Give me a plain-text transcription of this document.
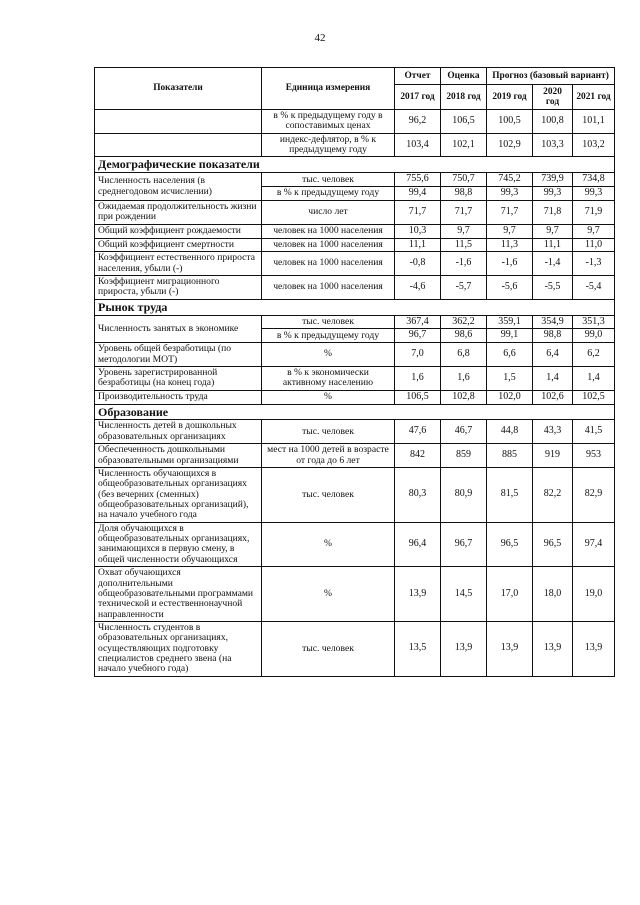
42
Показатели	Единица измерения	Отчет	Оценка	Прогноз (базовый вариант)		
		2017 год	2018 год	2019 год	2020 год	2021 год
	в % к предыдущему году в сопоставимых ценах	96,2	106,5	100,5	100,8	101,1
	индекс-дефлятор, в % к предыдущему году	103,4	102,1	102,9	103,3	103,2
Демографические показатели						
Численность населения (в среднегодовом исчислении)	тыс. человек	755,6	750,7	745,2	739,9	734,8
	в % к предыдущему году	99,4	98,8	99,3	99,3	99,3
Ожидаемая продолжительность жизни при рождении	число лет	71,7	71,7	71,7	71,8	71,9
Общий коэффициент рождаемости	человек на 1000 населения	10,3	9,7	9,7	9,7	9,7
Общий коэффициент смертности	человек на 1000 населения	11,1	11,5	11,3	11,1	11,0
Коэффициент естественного прироста населения, убыли (-)	человек на 1000 населения	-0,8	-1,6	-1,6	-1,4	-1,3
Коэффициент миграционного прироста, убыли (-)	человек на 1000 населения	-4,6	-5,7	-5,6	-5,5	-5,4
Рынок труда						
Численность занятых в экономике	тыс. человек	367,4	362,2	359,1	354,9	351,3
	в % к предыдущему году	96,7	98,6	99,1	98,8	99,0
Уровень общей безработицы (по методологии МОТ)	%	7,0	6,8	6,6	6,4	6,2
Уровень зарегистрированной безработицы (на конец года)	в % к экономически активному населению	1,6	1,6	1,5	1,4	1,4
Производительность труда	%	106,5	102,8	102,0	102,6	102,5
Образование						
Численность детей в дошкольных образовательных организациях	тыс. человек	47,6	46,7	44,8	43,3	41,5
Обеспеченность дошкольными образовательными организациями	мест на 1000 детей в возрасте от года до 6 лет	842	859	885	919	953
Численность обучающихся в общеобразовательных организациях (без вечерних (сменных) общеобразовательных организаций), на начало учебного года	тыс. человек	80,3	80,9	81,5	82,2	82,9
Доля обучающихся в общеобразовательных организациях, занимающихся в первую смену, в общей численности обучающихся	%	96,4	96,7	96,5	96,5	97,4
Охват обучающихся дополнительными общеобразовательными программами технической и естественнонаучной направленности	%	13,9	14,5	17,0	18,0	19,0
Численность студентов в образовательных организациях, осуществляющих подготовку специалистов среднего звена (на начало учебного года)	тыс. человек	13,5	13,9	13,9	13,9	13,9
